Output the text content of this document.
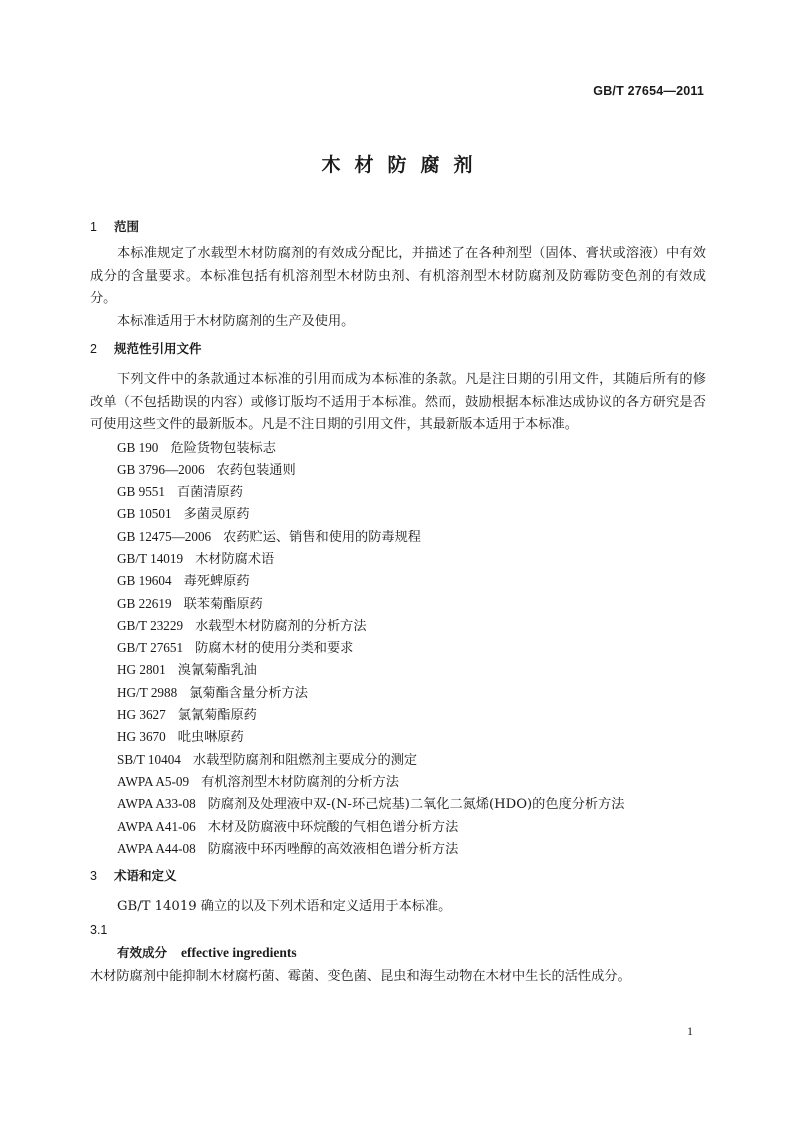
GB/T 27654—2011
木材防腐剂
1 范围
本标准规定了水载型木材防腐剂的有效成分配比，并描述了在各种剂型（固体、膏状或溶液）中有效成分的含量要求。本标准包括有机溶剂型木材防虫剂、有机溶剂型木材防腐剂及防霉防变色剂的有效成分。
本标准适用于木材防腐剂的生产及使用。
2 规范性引用文件
下列文件中的条款通过本标准的引用而成为本标准的条款。凡是注日期的引用文件，其随后所有的修改单（不包括勘误的内容）或修订版均不适用于本标准。然而，鼓励根据本标准达成协议的各方研究是否可使用这些文件的最新版本。凡是不注日期的引用文件，其最新版本适用于本标准。
GB 190 危险货物包装标志
GB 3796—2006 农药包装通则
GB 9551 百菌清原药
GB 10501 多菌灵原药
GB 12475—2006 农药贮运、销售和使用的防毒规程
GB/T 14019 木材防腐术语
GB 19604 毒死蜱原药
GB 22619 联苯菊酯原药
GB/T 23229 水载型木材防腐剂的分析方法
GB/T 27651 防腐木材的使用分类和要求
HG 2801 溴氰菊酯乳油
HG/T 2988 氯菊酯含量分析方法
HG 3627 氯氰菊酯原药
HG 3670 吡虫啉原药
SB/T 10404 水载型防腐剂和阻燃剂主要成分的测定
AWPA A5-09 有机溶剂型木材防腐剂的分析方法
AWPA A33-08 防腐剂及处理液中双-(N-环己烷基)二氧化二氮烯(HDO)的色度分析方法
AWPA A41-06 木材及防腐液中环烷酸的气相色谱分析方法
AWPA A44-08 防腐液中环丙唑醇的高效液相色谱分析方法
3 术语和定义
GB/T 14019 确立的以及下列术语和定义适用于本标准。
3.1
有效成分 effective ingredients
木材防腐剂中能抑制木材腐朽菌、霉菌、变色菌、昆虫和海生动物在木材中生长的活性成分。
1
